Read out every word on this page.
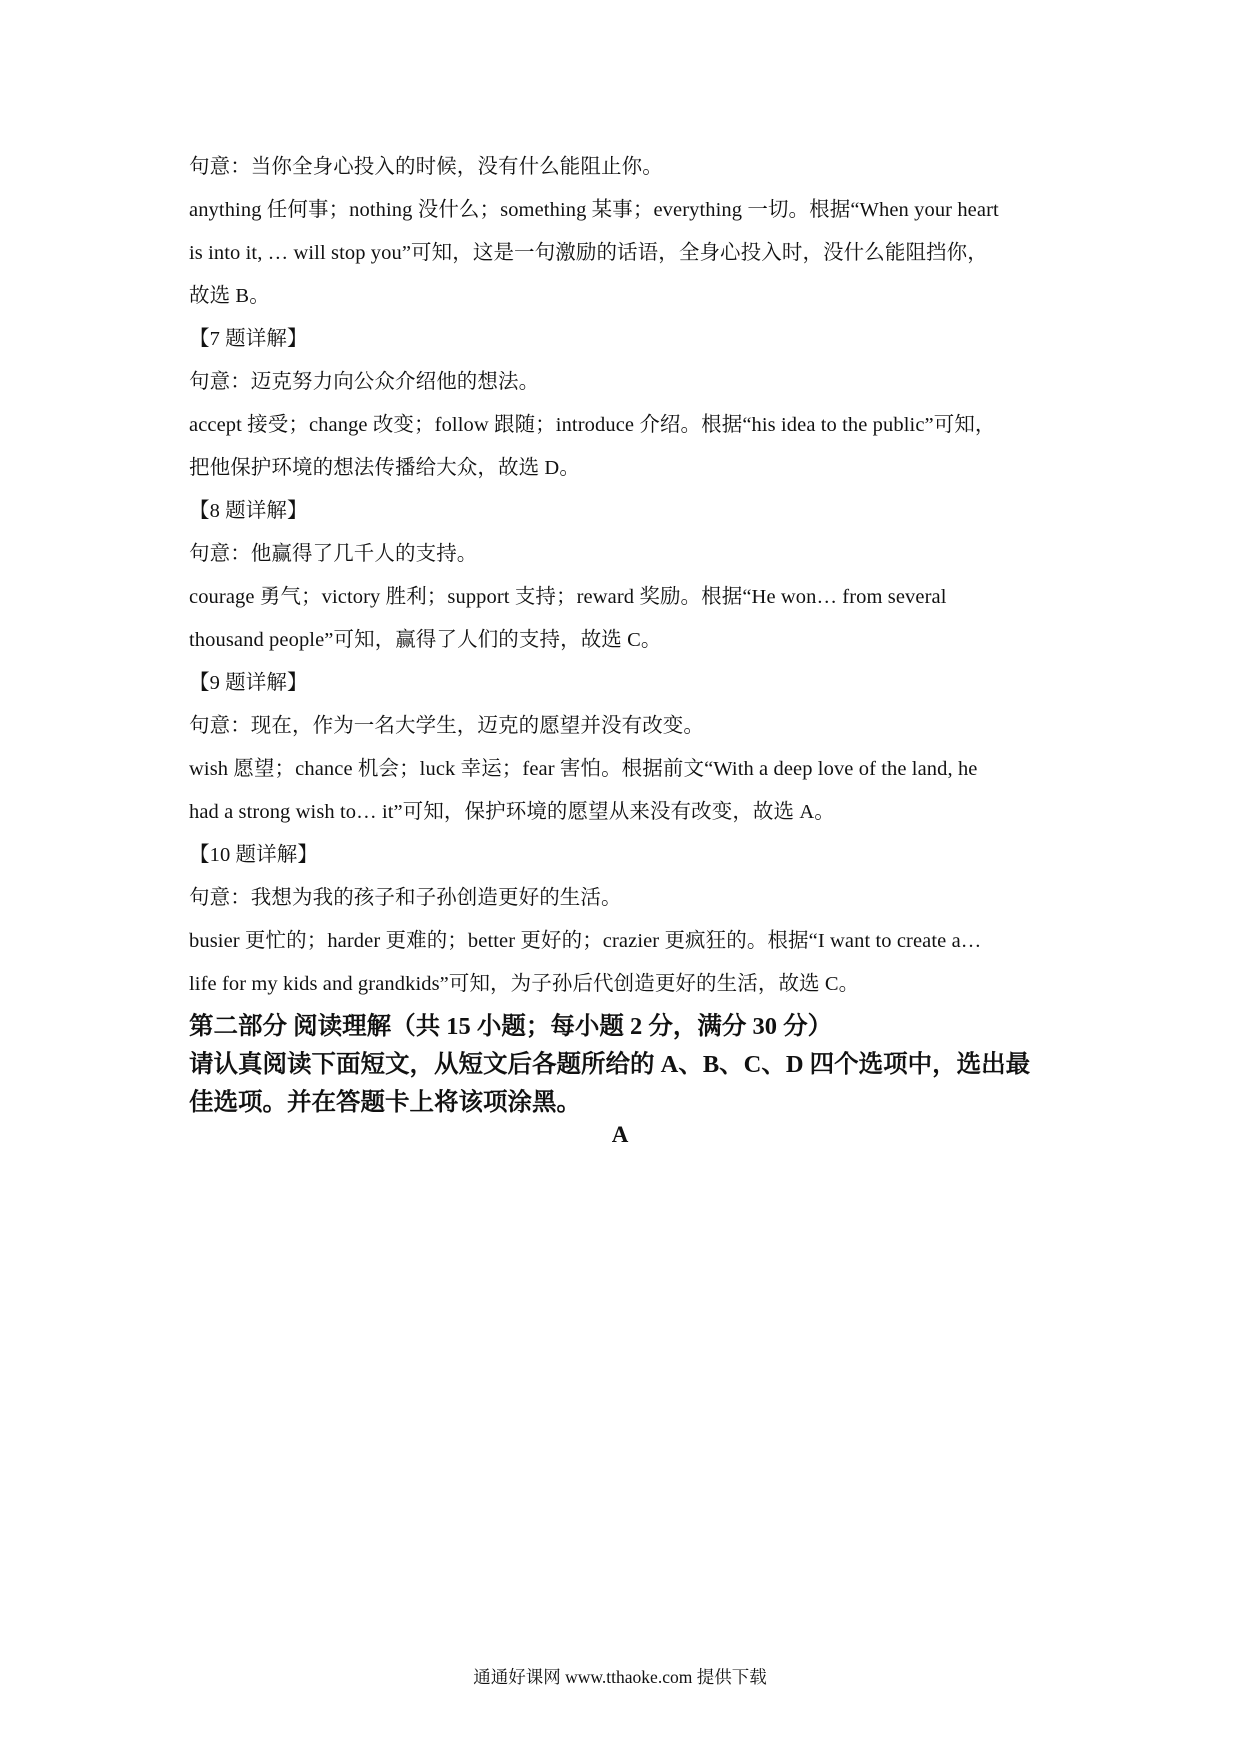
句意：当你全身心投入的时候，没有什么能阻止你。
anything 任何事；nothing 没什么；something 某事；everything 一切。根据“When your heart
is into it, … will stop you”可知，这是一句激励的话语，全身心投入时，没什么能阻挡你，
故选 B。
【7 题详解】
句意：迈克努力向公众介绍他的想法。
accept 接受；change 改变；follow 跟随；introduce 介绍。根据“his idea to the public”可知，
把他保护环境的想法传播给大众，故选 D。
【8 题详解】
句意：他赢得了几千人的支持。
courage 勇气；victory 胜利；support 支持；reward 奖励。根据“He won… from several
thousand people”可知，赢得了人们的支持，故选 C。
【9 题详解】
句意：现在，作为一名大学生，迈克的愿望并没有改变。
wish 愿望；chance 机会；luck 幸运；fear 害怕。根据前文“With a deep love of the land, he
had a strong wish to… it”可知，保护环境的愿望从来没有改变，故选 A。
【10 题详解】
句意：我想为我的孩子和子孙创造更好的生活。
busier 更忙的；harder 更难的；better 更好的；crazier 更疯狂的。根据“I want to create a…
life for my kids and grandkids”可知，为子孙后代创造更好的生活，故选 C。
第二部分 阅读理解（共 15 小题；每小题 2 分，满分 30 分）
请认真阅读下面短文，从短文后各题所给的 A、B、C、D 四个选项中，选出最
佳选项。并在答题卡上将该项涂黑。
A
通通好课网 www.tthaoke.com 提供下载
